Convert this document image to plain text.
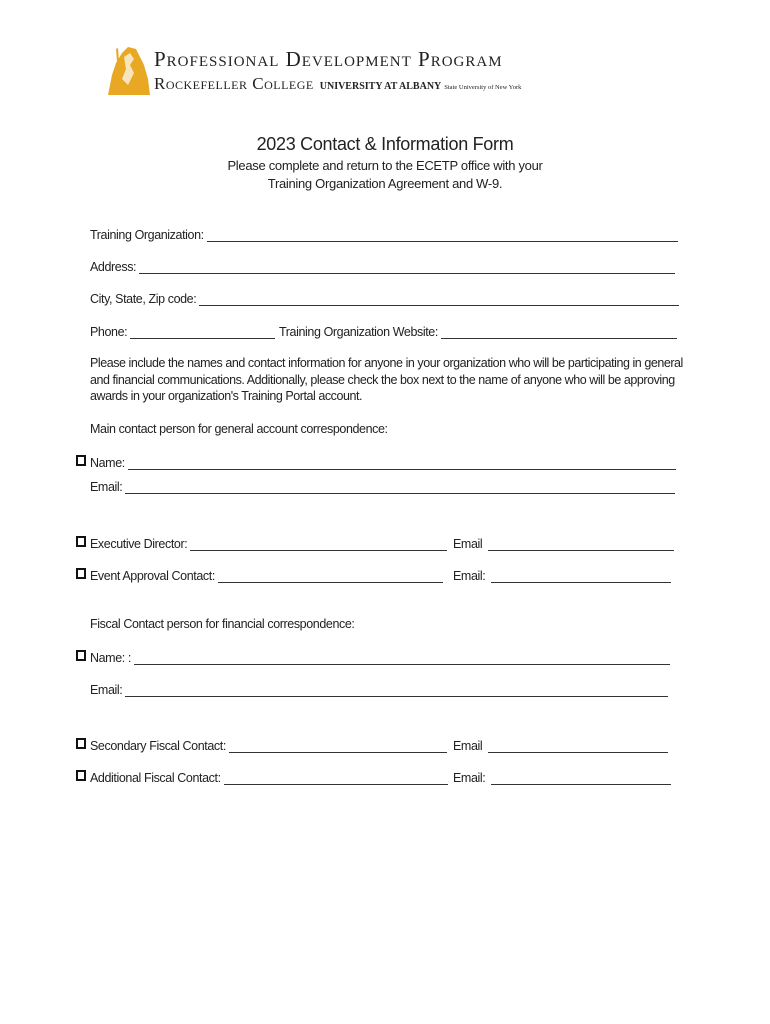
Professional Development Program
Rockefeller College UNIVERSITY AT ALBANY State University of New York
2023 Contact & Information Form
Please complete and return to the ECETP office with your
Training Organization Agreement and W-9.
Training Organization:
Address:
City, State, Zip code:
Phone:	Training Organization Website:
Please include the names and contact information for anyone in your organization who will be participating in general and financial communications. Additionally, please check the box next to the name of anyone who will be approving awards in your organization's Training Portal account.
Main contact person for general account correspondence:
Name:
Email:
Executive Director:	Email
Event Approval Contact:	Email:
Fiscal Contact person for financial correspondence:
Name: :
Email:
Secondary Fiscal Contact:	Email
Additional Fiscal Contact:	Email:
